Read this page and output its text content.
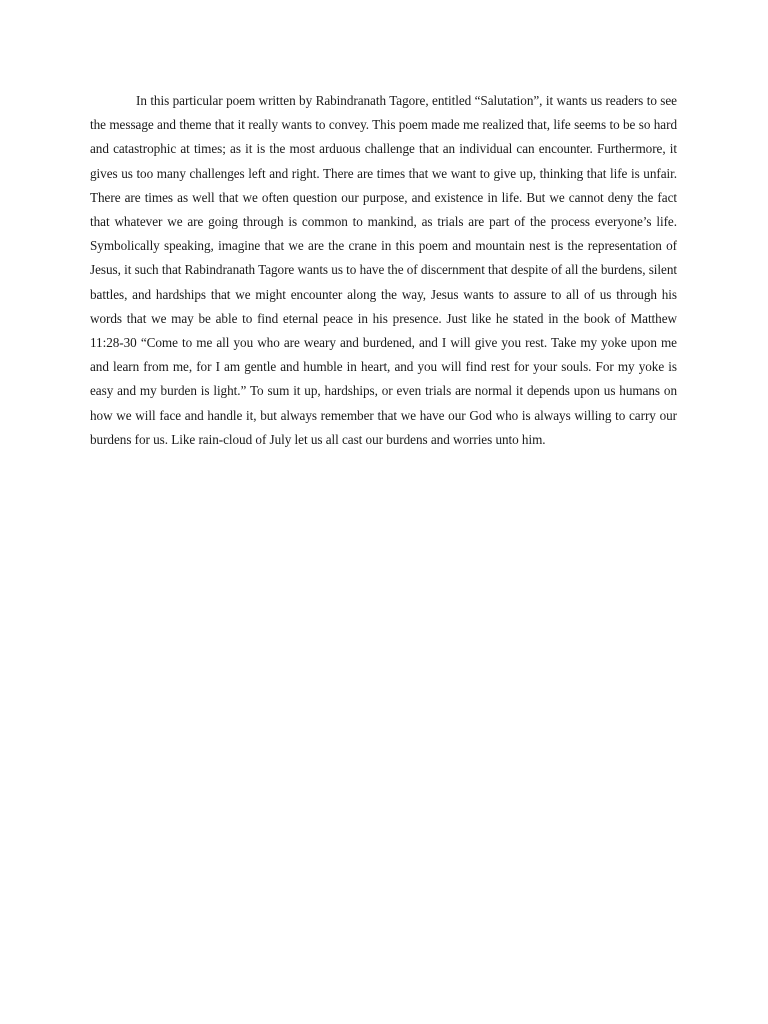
In this particular poem written by Rabindranath Tagore, entitled “Salutation”, it wants us readers to see the message and theme that it really wants to convey. This poem made me realized that, life seems to be so hard and catastrophic at times; as it is the most arduous challenge that an individual can encounter. Furthermore, it gives us too many challenges left and right. There are times that we want to give up, thinking that life is unfair. There are times as well that we often question our purpose, and existence in life. But we cannot deny the fact that whatever we are going through is common to mankind, as trials are part of the process everyone’s life. Symbolically speaking, imagine that we are the crane in this poem and mountain nest is the representation of Jesus, it such that Rabindranath Tagore wants us to have the of discernment that despite of all the burdens, silent battles, and hardships that we might encounter along the way, Jesus wants to assure to all of us through his words that we may be able to find eternal peace in his presence. Just like he stated in the book of Matthew 11:28-30 “Come to me all you who are weary and burdened, and I will give you rest. Take my yoke upon me and learn from me, for I am gentle and humble in heart, and you will find rest for your souls. For my yoke is easy and my burden is light.” To sum it up, hardships, or even trials are normal it depends upon us humans on how we will face and handle it, but always remember that we have our God who is always willing to carry our burdens for us. Like rain-cloud of July let us all cast our burdens and worries unto him.
